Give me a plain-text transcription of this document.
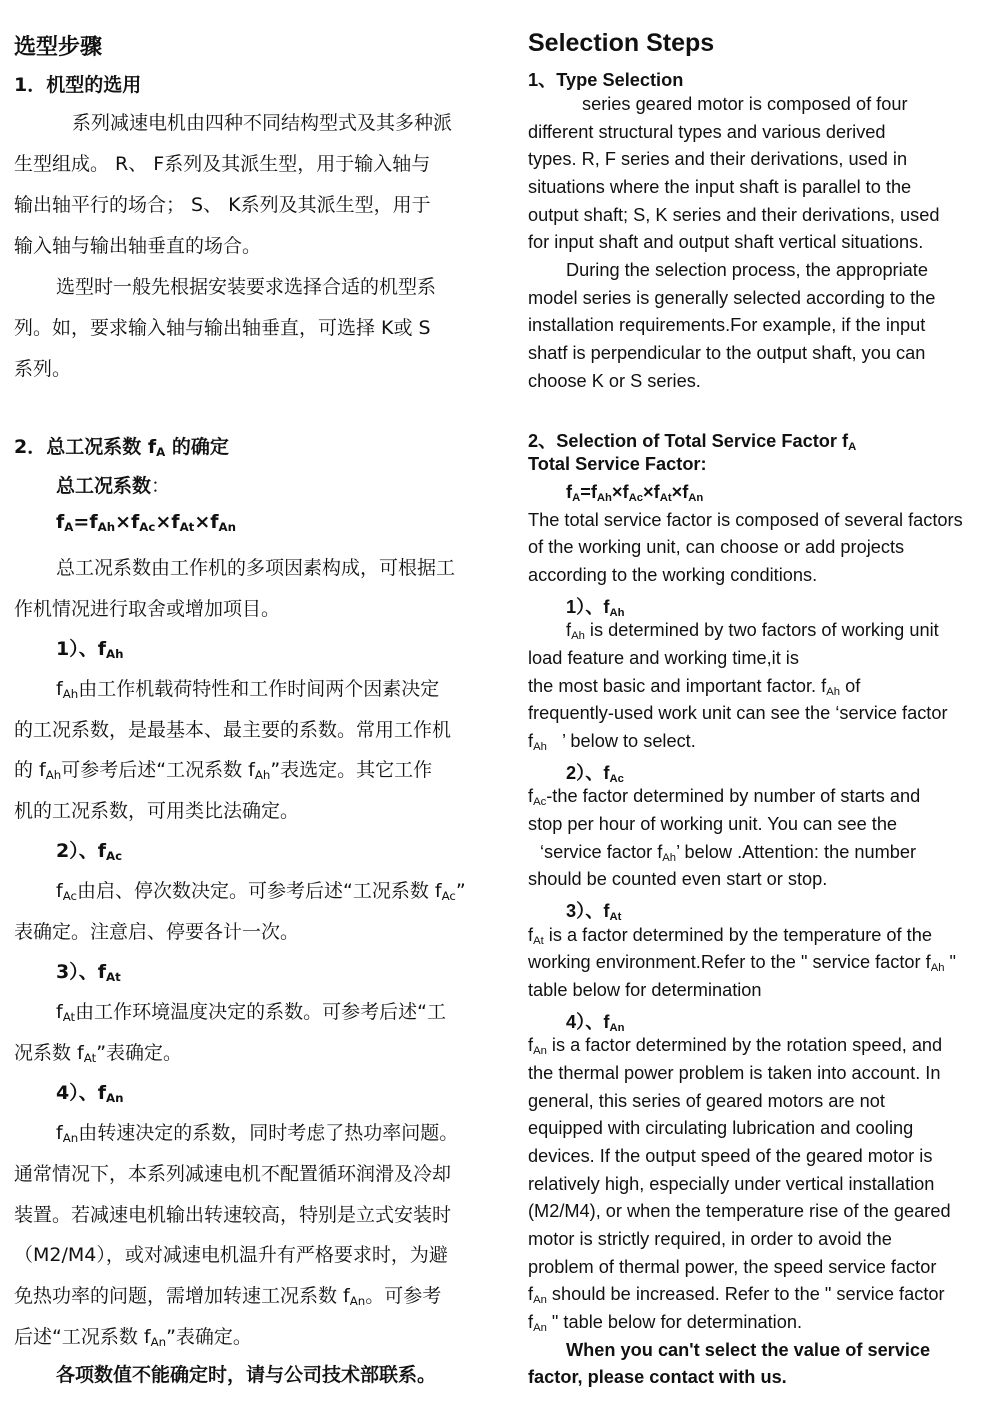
选型步骤
1．机型的选用
系列减速电机由四种不同结构型式及其多种派
生型组成。 R、 F系列及其派生型，用于输入轴与
输出轴平行的场合； S、 K系列及其派生型，用于
输入轴与输出轴垂直的场合。
选型时一般先根据安装要求选择合适的机型系
列。如，要求输入轴与输出轴垂直，可选择 K或 S
系列。
2．总工况系数 $f_A$ 的确定
总工况系数：
$f_A=f_{Ah}\times f_{Ac}\times f_{At}\times f_{An}$
总工况系数由工作机的多项因素构成，可根据工
作机情况进行取舍或增加项目。
1）、$f_{Ah}$
$f_{Ah}$由工作机载荷特性和工作时间两个因素决定
的工况系数，是最基本、最主要的系数。常用工作机
的 $f_{Ah}$可参考后述“工况系数 $f_{Ah}$”表选定。其它工作
机的工况系数，可用类比法确定。
2）、$f_{Ac}$
$f_{Ac}$由启、停次数决定。可参考后述“工况系数 $f_{Ac}$”
表确定。注意启、停要各计一次。
3）、$f_{At}$
$f_{At}$由工作环境温度决定的系数。可参考后述“工
况系数 $f_{At}$”表确定。
4）、$f_{An}$
$f_{An}$由转速决定的系数，同时考虑了热功率问题。
通常情况下，本系列减速电机不配置循环润滑及冷却
装置。若减速电机输出转速较高，特别是立式安装时
（M2/M4），或对减速电机温升有严格要求时，为避
免热功率的问题，需增加转速工况系数 $f_{An}$。可参考
后述“工况系数 $f_{An}$”表确定。
各项数值不能确定时，请与公司技术部联系。
Selection Steps
1、Type Selection
series geared motor is composed of four
different structural types and various derived
types. R, F series and their derivations, used in
situations where the input shaft is parallel to the
output shaft; S, K series and their derivations, used
for input shaft and output shaft vertical situations.
During the selection process, the appropriate
model series is generally selected according to the
installation requirements.For example, if the input
shatf is perpendicular to the output shaft, you can
choose K or S series.
2、Selection of Total Service Factor $f_A$
Total Service Factor:
$f_A=f_{Ah}\times f_{Ac}\times f_{At}\times f_{An}$
The total service factor is composed of several factors
of the working unit, can choose or add projects
according to the working conditions.
1）、$f_{Ah}$
$f_{Ah}$ is determined by two factors of working unit
load feature and working time,it is
the most basic and important factor. $f_{Ah}$ of
frequently-used work unit can see the ‘service factor
$f_{Ah}$ ’ below to select.
2）、$f_{Ac}$
$f_{Ac}$-the factor determined by number of starts and
stop per hour of working unit. You can see the
‘service factor $f_{Ah}$’ below .Attention: the number
should be counted even start or stop.
3）、$f_{At}$
$f_{At}$ is a factor determined by the temperature of the
working environment.Refer to the " service factor $f_{Ah}$ "
table below for determination
4）、$f_{An}$
$f_{An}$ is a factor determined by the rotation speed, and
the thermal power problem is taken into account. In
general, this series of geared motors are not
equipped with circulating lubrication and cooling
devices. If the output speed of the geared motor is
relatively high, especially under vertical installation
(M2/M4), or when the temperature rise of the geared
motor is strictly required, in order to avoid the
problem of thermal power, the speed service factor
$f_{An}$ should be increased. Refer to the " service factor
$f_{An}$ " table below for determination.
When you can't select the value of service
factor, please contact with us.
